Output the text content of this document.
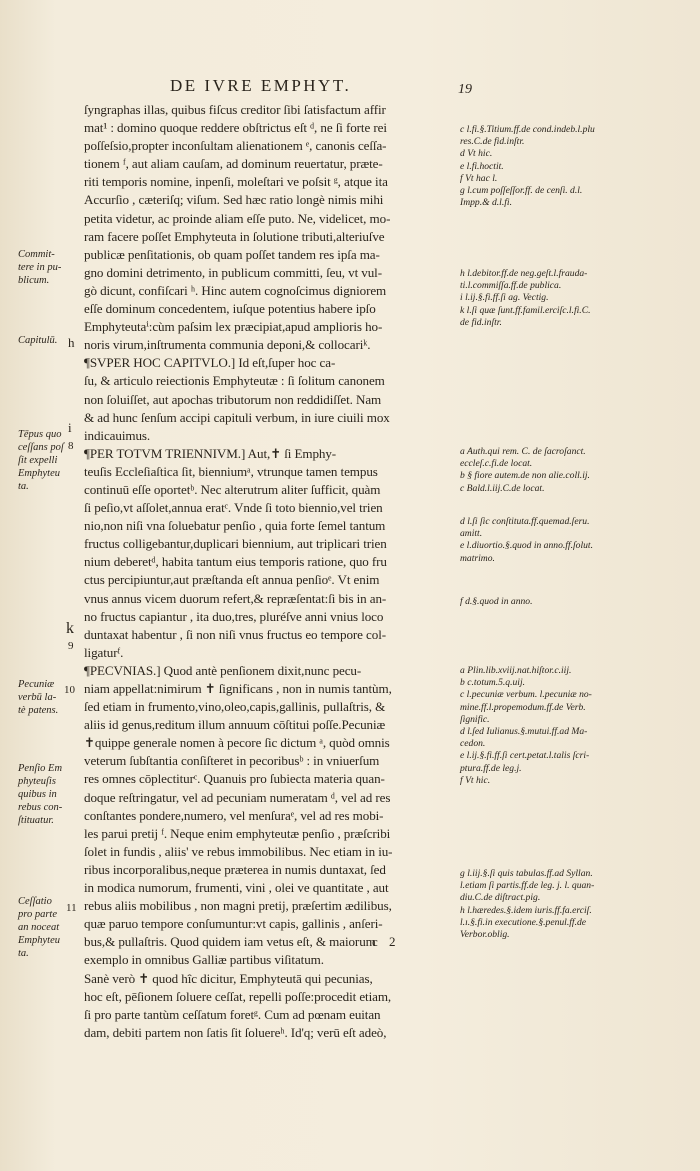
DE IVRE EMPHYT.	19
ſyngraphas illas, quibus fiſcus creditor ſibi ſatisfactum affir
mat¹ : domino quoque reddere obſtrictus eſt ᵈ, ne ſi forte rei
poſſeſsio,propter inconſultam alienationem ᵉ, canonis ceſſa-
tionem ᶠ, aut aliam cauſam, ad dominum reuertatur, præte-
riti temporis nomine, inpenſi, moleſtari ve poſsit ᵍ, atque ita
Accurſio , cæteriſq; viſum. Sed hæc ratio longè nimis mihi
petita videtur, ac proinde aliam eſſe puto. Ne, videlicet, mo-
ram facere poſſet Emphyteuta in ſolutione tributi,alteriuſve
publicæ penſitationis, ob quam poſſet tandem res ipſa ma-
gno domini detrimento, in publicum committi, ſeu, vt vul-
gò dicunt, confiſcari ʰ. Hinc autem cognoſcimus digniorem
eſſe dominum concedentem, iuſque potentius habere ipſo
Emphyteutaⁱ:cùm paſsim lex præcipiat,apud amplioris ho-
noris virum,inſtrumenta communia deponi,& collocariᵏ.
¶SVPER HOC CAPITVLO.] Id eſt,ſuper hoc ca-
ſu, & articulo reiectionis Emphyteutæ : ſi ſolitum canonem
non ſoluiſſet, aut apochas tributorum non reddidiſſet. Nam
& ad hunc ſenſum accipi capituli verbum, in iure ciuili mox
indicauimus.
¶PER TOTVM TRIENNIVM.] Aut,✝ ſi Emphy-
teuſis Eccleſiaſtica ſit, bienniumᵃ, vtrunque tamen tempus
continuū eſſe oportetᵇ. Nec alterutrum aliter ſufficit, quàm
ſi peſio,vt aſſolet,annua eratᶜ. Vnde ſi toto biennio,vel trien
nio,non niſi vna ſoluebatur penſio , quia forte ſemel tantum
fructus colligebantur,duplicari biennium, aut triplicari trien
nium deberetᵈ, habita tantum eius temporis ratione, quo fru
ctus percipiuntur,aut præſtanda eſt annua penſioᵉ. Vt enim
vnus annus vicem duorum refert,& repræſentat:ſi bis in an-
no fructus capiantur , ita duo,tres, pluréſve anni vnius loco
duntaxat habentur , ſi non niſi vnus fructus eo tempore col-
ligaturᶠ.
¶PECVNIAS.] Quod antè penſionem dixit,nunc pecu-
niam appellat:nimirum ✝ ſignificans , non in numis tantùm,
ſed etiam in frumento,vino,oleo,capis,gallinis, pullaſtris, &
aliis id genus,reditum illum annuum cōſtitui poſſe.Pecuniæ
✝quippe generale nomen à pecore ſic dictum ᵃ, quòd omnis
veterum ſubſtantia conſiſteret in pecoribusᵇ : in vniuerſum
res omnes cōplectiturᶜ. Quanuis pro ſubiecta materia quan-
doque reſtringatur, vel ad pecuniam numeratam ᵈ, vel ad res
conſtantes pondere,numero, vel menſuraᵉ, vel ad res mobi-
les parui pretij ᶠ. Neque enim emphyteutæ penſio , præſcribi
ſolet in fundis , aliis' ve rebus immobilibus. Nec etiam in iu-
ribus incorporalibus,neque præterea in numis duntaxat, ſed
in modica numorum, frumenti, vini , olei ve quantitate , aut
rebus aliis mobilibus , non magni pretij, præſertim ædilibus,
quæ paruo tempore conſumuntur:vt capis, gallinis , anſeri-
bus,& pullaſtris. Quod quidem iam vetus eſt, & maiorum
exemplo in omnibus Galliæ partibus viſitatum.
Sanè verò ✝ quod hîc dicitur, Emphyteutā qui pecunias,
hoc eſt, pēſionem ſoluere ceſſat, repelli poſſe:procedit etiam,
ſi pro parte tantùm ceſſatum foretᵍ. Cum ad pœnam euitan
dam, debiti partem non ſatis ſit ſoluereʰ. Id'q; verū eſt adeò,
Commit-
tere in pu-
blicum.
Capitulū.
Tēpus quo
ceſſans poſ
ſit expelli
Emphyteu
ta.
Pecuniæ
verbū la-
tè patens.
Penſio Em
phyteuſis
quibus in
rebus con-
ſtituatur.
Ceſſatio
pro parte
an noceat
Emphyteu
ta.
h
i
8
k
9
10
11
c l.fi.§.Titium.ff.de cond.indeb.l.plu
res.C.de fid.inſtr.
d Vt hic.
e l.fi.hoctit.
f Vt hac l.
g l.cum poſſeſſor.ff. de cenſi. d.l.
Impp.& d.l.fi.
h l.debitor.ff.de neg.geſt.l.frauda-
ti.l.commiſſa.ff.de publica.
i l.ij.§.fi.ff.ſi ag. Vectig.
k l.ſi quæ ſunt.ff.famil.erciſc.l.fi.C.
de fid.inſtr.
a Auth.qui rem. C. de ſacroſanct.
eccleſ.c.fi.de locat.
b § fiore autem.de non alie.coll.ij.
c Bald.l.iij.C.de locat.
d l.ſi ſic conſtituta.ff.quemad.ſeru.
amitt.
e l.diuortio.§.quod in anno.ff.ſolut.
matrimo.
f d.§.quod in anno.
a Plin.lib.xviij.nat.hiſtor.c.iij.
b c.totum.5.q.uij.
c l.pecuniæ verbum. l.pecuniæ no-
mine.ff.l.propemodum.ff.de Verb.
ſignific.
d l.ſed Iulianus.§.mutui.ff.ad Ma-
cedon.
e l.ij.§.fi.ff.ſi cert.petat.l.talis ſcri-
ptura.ff.de leg.j.
f Vt hic.
g l.iij.§.ſi quis tabulas.ff.ad Syllan.
l.etiam ſi partis.ff.de leg. j. l. quan-
diu.C.de diſtract.pig.
h l.hæredes.§.idem iuris.ff.fa.erciſ.
l.ı.§.fi.in executione.§.penul.ff.de
Verbor.oblig.
c 2
